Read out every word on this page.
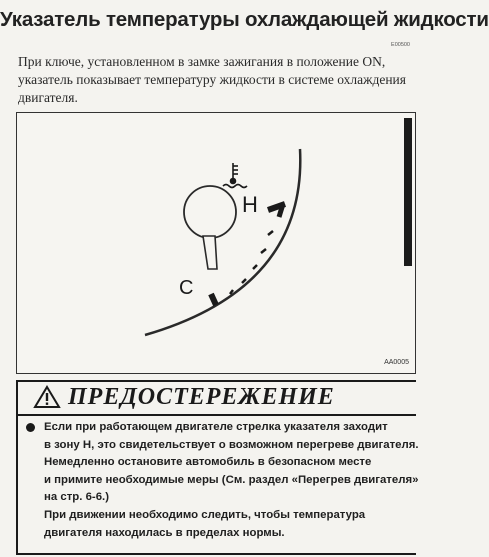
Указатель температуры охлаждающей жидкости
E00500

При ключе, установленном в замке зажигания в положение ON,

указатель показывает температуру жидкости в системе охлаждения

двигателя.

H
C
AA0005
ПРЕДОСТЕРЕЖЕНИЕ
Если при работающем двигателе стрелка указателя заходит
в зону H, это свидетельствует о возможном перегреве двигателя.
Немедленно остановите автомобиль в безопасном месте
и примите необходимые меры (См. раздел «Перегрев двигателя»
на стр. 6-6.)
При движении необходимо следить, чтобы температура
двигателя находилась в пределах нормы.
